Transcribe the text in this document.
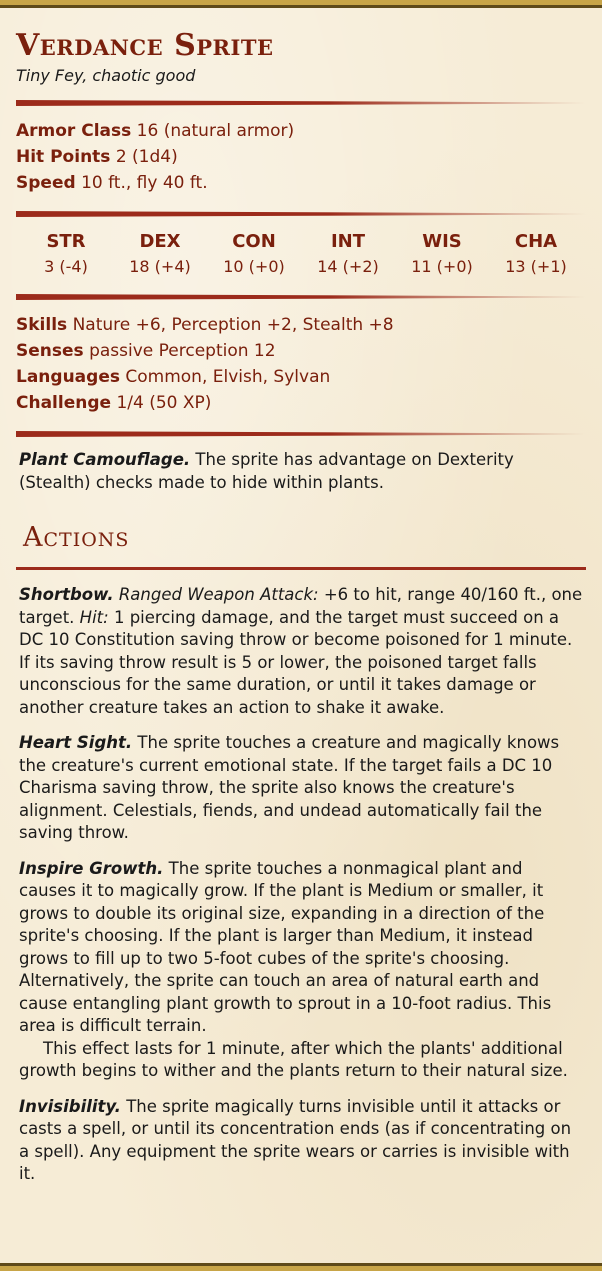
Verdance Sprite
Tiny Fey, chaotic good
Armor Class 16 (natural armor)
Hit Points 2 (1d4)
Speed 10 ft., fly 40 ft.
STR
3 (-4)
DEX
18 (+4)
CON
10 (+0)
INT
14 (+2)
WIS
11 (+0)
CHA
13 (+1)
Skills Nature +6, Perception +2, Stealth +8
Senses passive Perception 12
Languages Common, Elvish, Sylvan
Challenge 1/4 (50 XP)

Plant Camouflage. The sprite has advantage on Dexterity (Stealth) checks made to hide within plants.

Actions

Shortbow. Ranged Weapon Attack: +6 to hit, range 40/160 ft., one target. Hit: 1 piercing damage, and the target must succeed on a DC 10 Constitution saving throw or become poisoned for 1 minute. If its saving throw result is 5 or lower, the poisoned target falls unconscious for the same duration, or until it takes damage or another creature takes an action to shake it awake.

Heart Sight. The sprite touches a creature and magically knows the creature's current emotional state. If the target fails a DC 10 Charisma saving throw, the sprite also knows the creature's alignment. Celestials, fiends, and undead automatically fail the saving throw.

Inspire Growth. The sprite touches a nonmagical plant and causes it to magically grow. If the plant is Medium or smaller, it grows to double its original size, expanding in a direction of the sprite's choosing. If the plant is larger than Medium, it instead grows to fill up to two 5-foot cubes of the sprite's choosing. Alternatively, the sprite can touch an area of natural earth and cause entangling plant growth to sprout in a 10-foot radius. This area is difficult terrain.
This effect lasts for 1 minute, after which the plants' additional growth begins to wither and the plants return to their natural size.

Invisibility. The sprite magically turns invisible until it attacks or casts a spell, or until its concentration ends (as if concentrating on a spell). Any equipment the sprite wears or carries is invisible with it.
